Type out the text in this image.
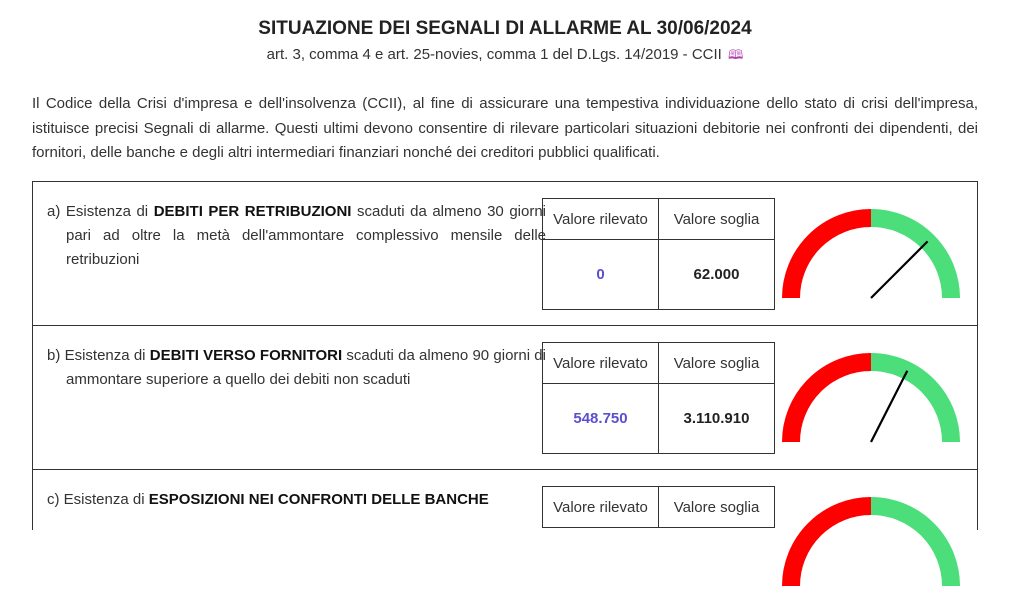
SITUAZIONE DEI SEGNALI DI ALLARME AL 30/06/2024
art. 3, comma 4 e art. 25-novies, comma 1 del D.Lgs. 14/2019 - CCII 🕮
Il Codice della Crisi d'impresa e dell'insolvenza (CCII), al fine di assicurare una tempestiva individuazione dello stato di crisi dell'impresa, istituisce precisi Segnali di allarme. Questi ultimi devono consentire di rilevare particolari situazioni debitorie nei confronti dei dipendenti, dei fornitori, delle banche e degli altri intermediari finanziari nonché dei creditori pubblici qualificati.
a) Esistenza di DEBITI PER RETRIBUZIONI scaduti da almeno 30 giorni pari ad oltre la metà dell'ammontare complessivo mensile delle retribuzioni
Valore rilevato	Valore soglia
0	62.000
b) Esistenza di DEBITI VERSO FORNITORI scaduti da almeno 90 giorni di ammontare superiore a quello dei debiti non scaduti
Valore rilevato	Valore soglia
548.750	3.110.910
c) Esistenza di ESPOSIZIONI NEI CONFRONTI DELLE BANCHE	Valore rilevato	Valore soglia
